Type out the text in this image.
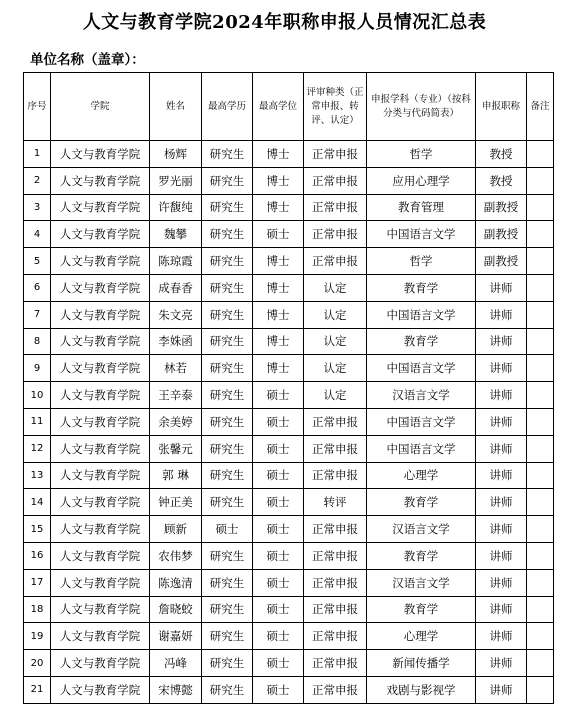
人文与教育学院2024年职称申报人员情况汇总表
单位名称（盖章）：
序号	学院	姓名	最高学历	最高学位	评审种类（正常申报、转评、认定）	申报学科（专业）（按科分类与代码简表）	申报职称	备注
1	人文与教育学院	杨辉	研究生	博士	正常申报	哲学	教授	
2	人文与教育学院	罗光丽	研究生	博士	正常申报	应用心理学	教授	
3	人文与教育学院	许馥纯	研究生	博士	正常申报	教育管理	副教授	
4	人文与教育学院	魏攀	研究生	硕士	正常申报	中国语言文学	副教授	
5	人文与教育学院	陈琼霞	研究生	博士	正常申报	哲学	副教授	
6	人文与教育学院	成春香	研究生	博士	认定	教育学	讲师	
7	人文与教育学院	朱文亮	研究生	博士	认定	中国语言文学	讲师	
8	人文与教育学院	李姝函	研究生	博士	认定	教育学	讲师	
9	人文与教育学院	林若	研究生	博士	认定	中国语言文学	讲师	
10	人文与教育学院	王辛泰	研究生	硕士	认定	汉语言文学	讲师	
11	人文与教育学院	余美婷	研究生	硕士	正常申报	中国语言文学	讲师	
12	人文与教育学院	张馨元	研究生	硕士	正常申报	中国语言文学	讲师	
13	人文与教育学院	郭 琳	研究生	硕士	正常申报	心理学	讲师	
14	人文与教育学院	钟正美	研究生	硕士	转评	教育学	讲师	
15	人文与教育学院	顾新	硕士	硕士	正常申报	汉语言文学	讲师	
16	人文与教育学院	农伟梦	研究生	硕士	正常申报	教育学	讲师	
17	人文与教育学院	陈逸清	研究生	硕士	正常申报	汉语言文学	讲师	
18	人文与教育学院	詹晓蛟	研究生	硕士	正常申报	教育学	讲师	
19	人文与教育学院	谢嘉妍	研究生	硕士	正常申报	心理学	讲师	
20	人文与教育学院	冯峰	研究生	硕士	正常申报	新闻传播学	讲师	
21	人文与教育学院	宋博懿	研究生	硕士	正常申报	戏剧与影视学	讲师	
